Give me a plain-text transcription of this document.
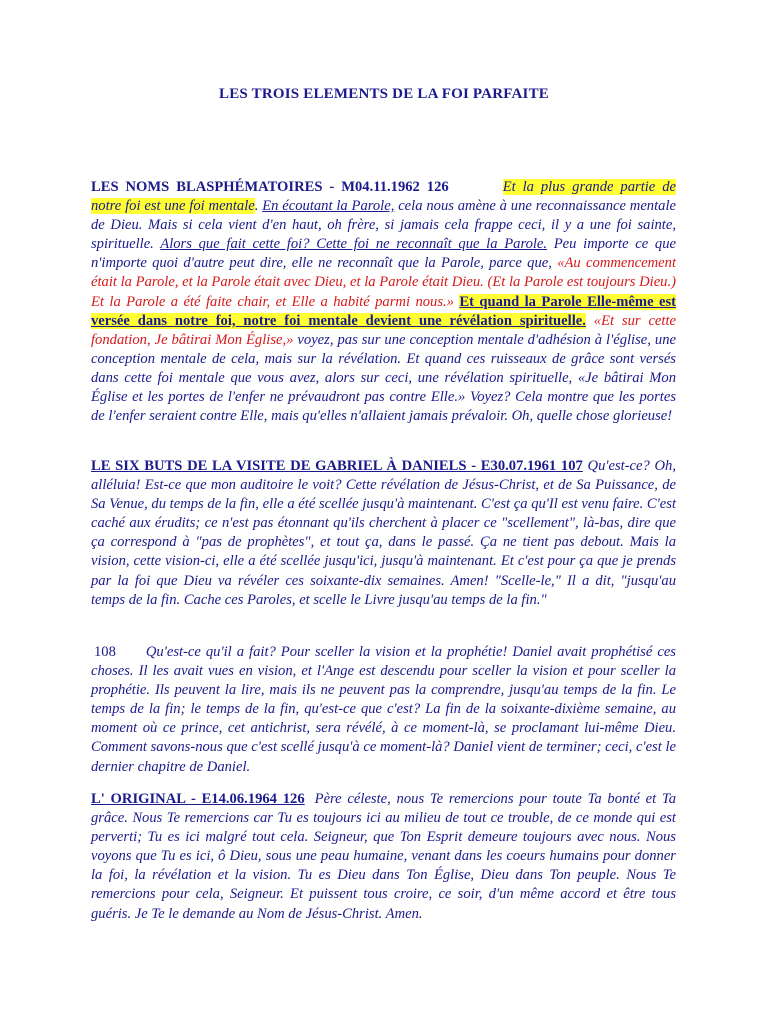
LES TROIS ELEMENTS DE LA FOI PARFAITE
LES NOMS BLASPHÉMATOIRES - M04.11.1962 126	Et la plus grande partie de notre foi est une foi mentale. En écoutant la Parole, cela nous amène à une reconnaissance mentale de Dieu. Mais si cela vient d'en haut, oh frère, si jamais cela frappe ceci, il y a une foi sainte, spirituelle. Alors que fait cette foi? Cette foi ne reconnaît que la Parole. Peu importe ce que n'importe quoi d'autre peut dire, elle ne reconnaît que la Parole, parce que, «Au commencement était la Parole, et la Parole était avec Dieu, et la Parole était Dieu. (Et la Parole est toujours Dieu.) Et la Parole a été faite chair, et Elle a habité parmi nous.» Et quand la Parole Elle-même est versée dans notre foi, notre foi mentale devient une révélation spirituelle. «Et sur cette fondation, Je bâtirai Mon Église,» voyez, pas sur une conception mentale d'adhésion à l'église, une conception mentale de cela, mais sur la révélation. Et quand ces ruisseaux de grâce sont versés dans cette foi mentale que vous avez, alors sur ceci, une révélation spirituelle, «Je bâtirai Mon Église et les portes de l'enfer ne prévaudront pas contre Elle.» Voyez? Cela montre que les portes de l'enfer seraient contre Elle, mais qu'elles n'allaient jamais prévaloir. Oh, quelle chose glorieuse!
LE SIX BUTS DE LA VISITE DE GABRIEL À DANIELS - E30.07.1961 107 Qu'est-ce? Oh, alléluia! Est-ce que mon auditoire le voit? Cette révélation de Jésus-Christ, et de Sa Puissance, de Sa Venue, du temps de la fin, elle a été scellée jusqu'à maintenant. C'est ça qu'Il est venu faire. C'est caché aux érudits; ce n'est pas étonnant qu'ils cherchent à placer ce "scellement", là-bas, dire que ça correspond à "pas de prophètes", et tout ça, dans le passé. Ça ne tient pas debout. Mais la vision, cette vision-ci, elle a été scellée jusqu'ici, jusqu'à maintenant. Et c'est pour ça que je prends par la foi que Dieu va révéler ces soixante-dix semaines. Amen! "Scelle-le," Il a dit, "jusqu'au temps de la fin. Cache ces Paroles, et scelle le Livre jusqu'au temps de la fin."
108 Qu'est-ce qu'il a fait? Pour sceller la vision et la prophétie! Daniel avait prophétisé ces choses. Il les avait vues en vision, et l'Ange est descendu pour sceller la vision et pour sceller la prophétie. Ils peuvent la lire, mais ils ne peuvent pas la comprendre, jusqu'au temps de la fin. Le temps de la fin; le temps de la fin, qu'est-ce que c'est? La fin de la soixante-dixième semaine, au moment où ce prince, cet antichrist, sera révélé, à ce moment-là, se proclamant lui-même Dieu. Comment savons-nous que c'est scellé jusqu'à ce moment-là? Daniel vient de terminer; ceci, c'est le dernier chapitre de Daniel.
L' ORIGINAL - E14.06.1964 126 Père céleste, nous Te remercions pour toute Ta bonté et Ta grâce. Nous Te remercions car Tu es toujours ici au milieu de tout ce trouble, de ce monde qui est perverti; Tu es ici malgré tout cela. Seigneur, que Ton Esprit demeure toujours avec nous. Nous voyons que Tu es ici, ô Dieu, sous une peau humaine, venant dans les coeurs humains pour donner la foi, la révélation et la vision. Tu es Dieu dans Ton Église, Dieu dans Ton peuple. Nous Te remercions pour cela, Seigneur. Et puissent tous croire, ce soir, d'un même accord et être tous guéris. Je Te le demande au Nom de Jésus-Christ. Amen.
